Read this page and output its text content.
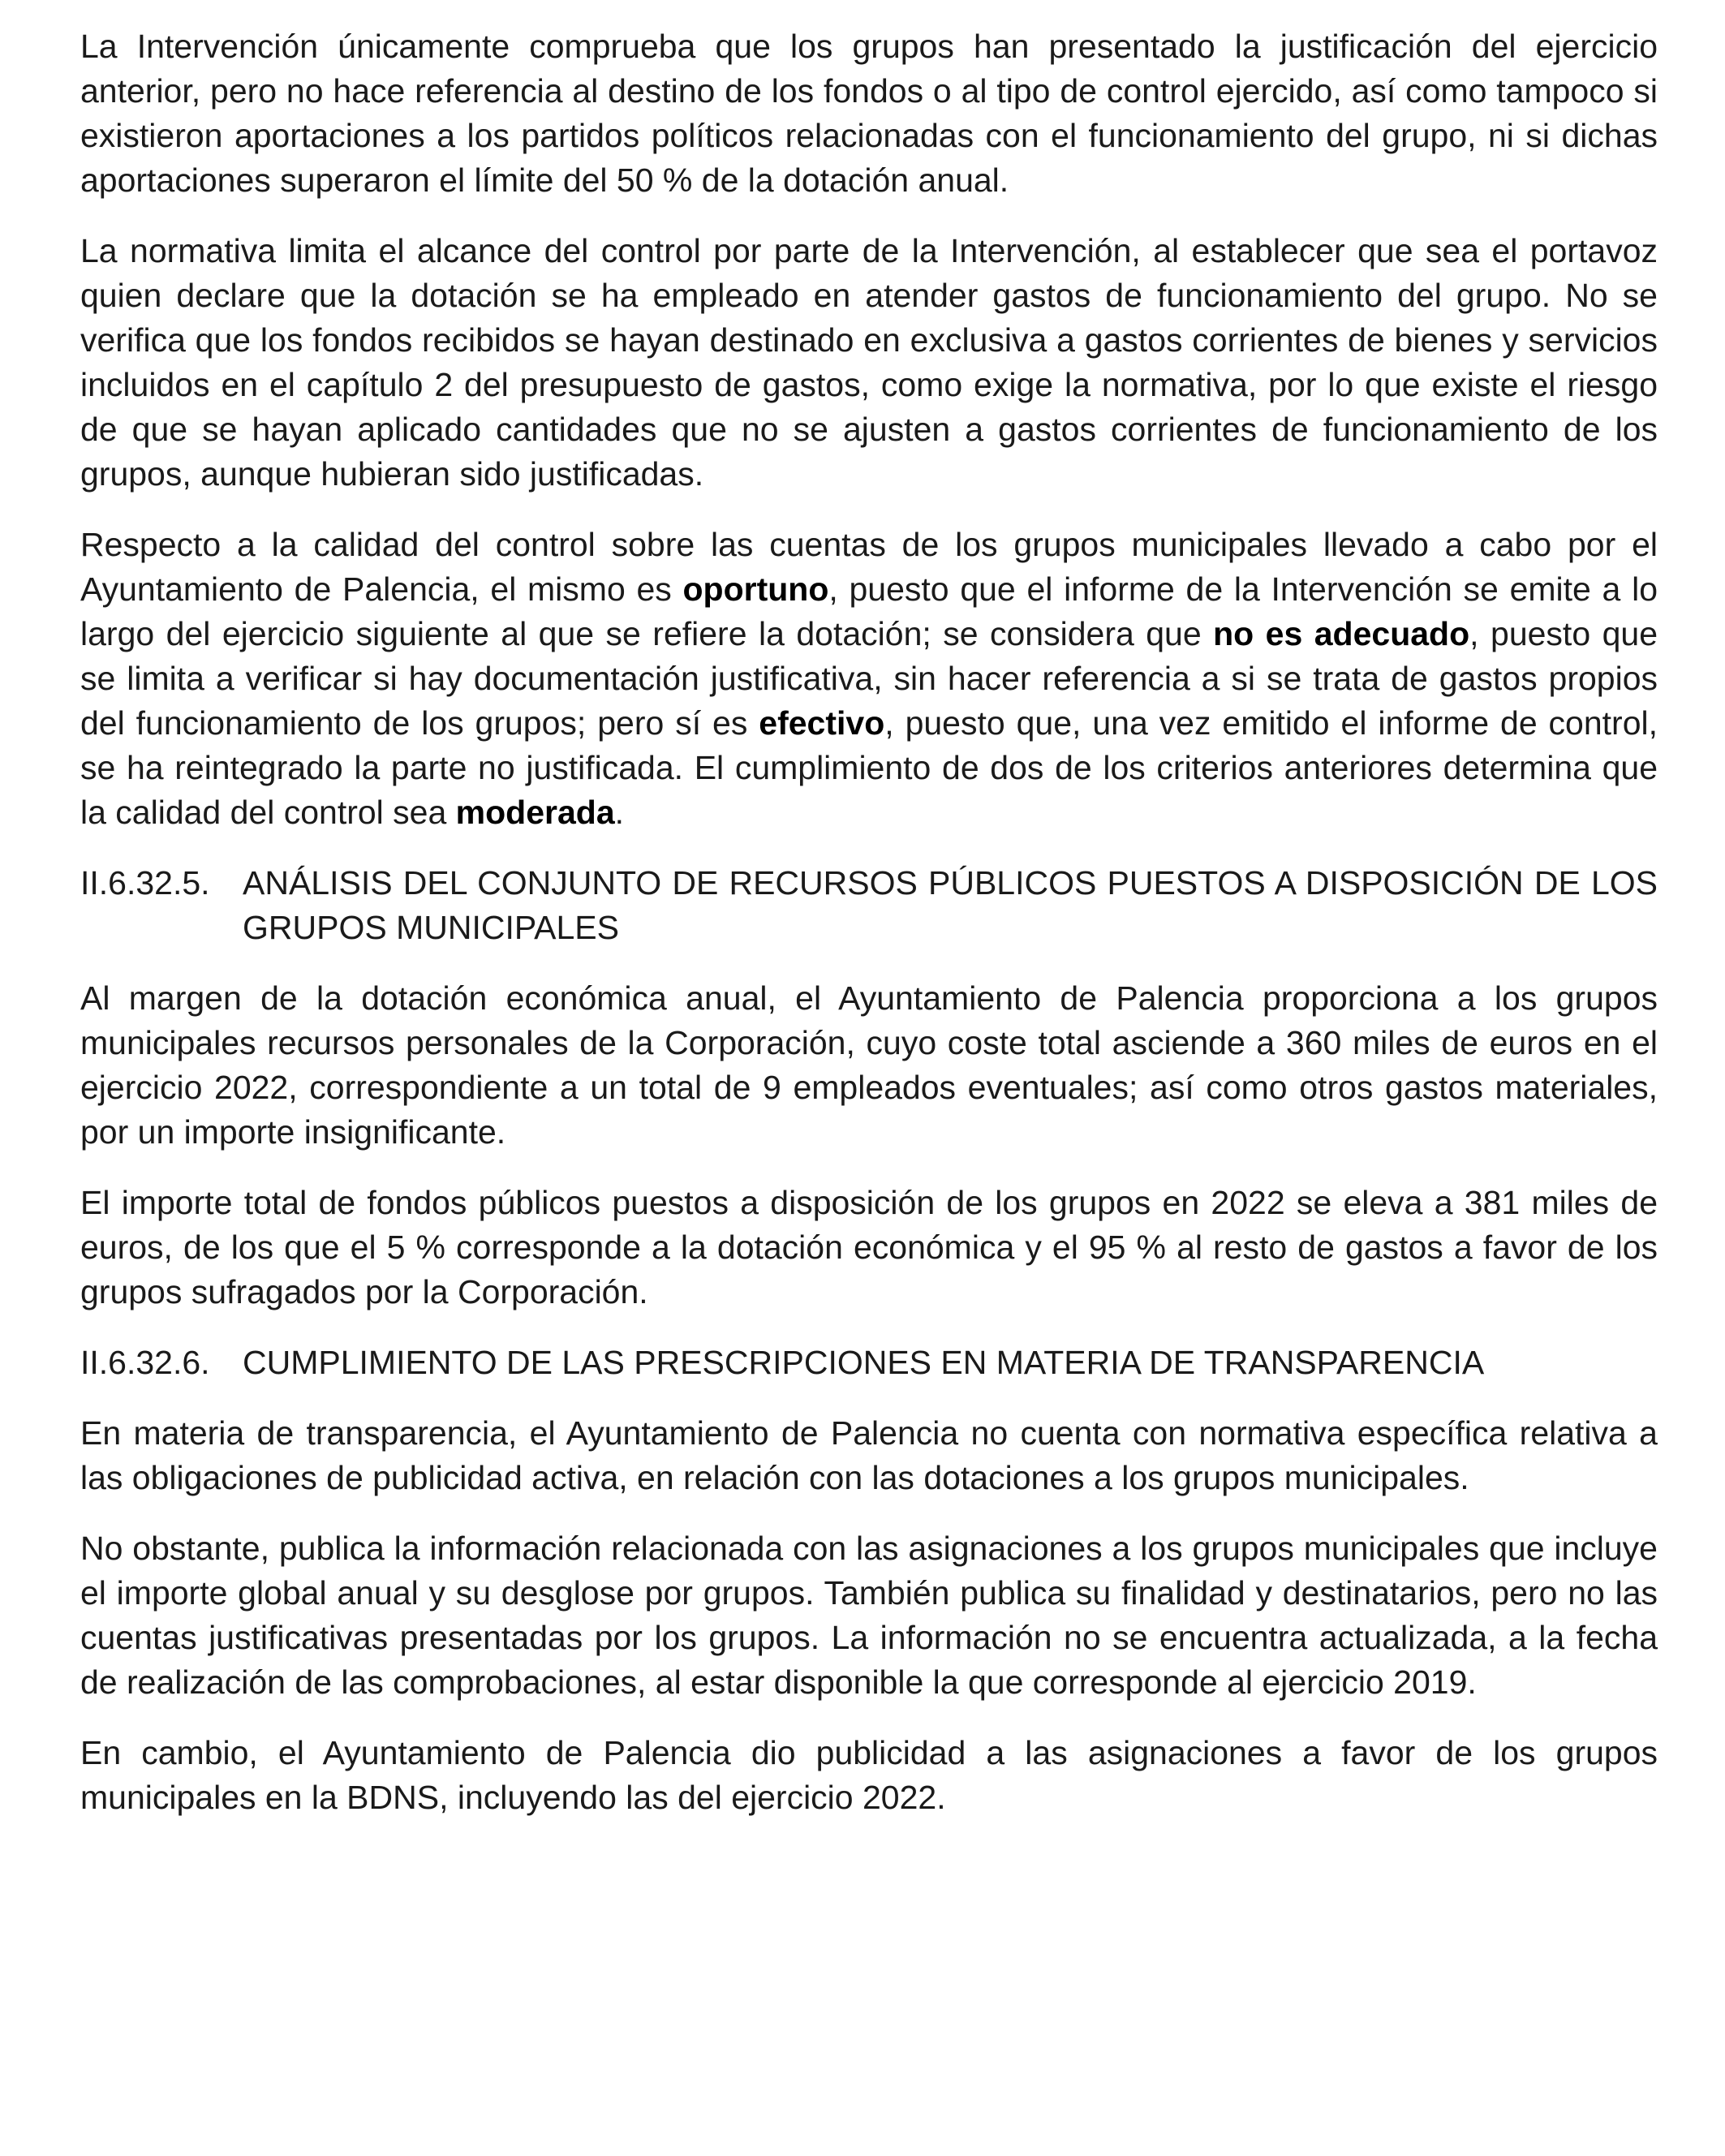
La Intervención únicamente comprueba que los grupos han presentado la justificación del ejercicio anterior, pero no hace referencia al destino de los fondos o al tipo de control ejercido, así como tampoco si existieron aportaciones a los partidos políticos relacionadas con el funcionamiento del grupo, ni si dichas aportaciones superaron el límite del 50 % de la dotación anual.

La normativa limita el alcance del control por parte de la Intervención, al establecer que sea el portavoz quien declare que la dotación se ha empleado en atender gastos de funcionamiento del grupo. No se verifica que los fondos recibidos se hayan destinado en exclusiva a gastos corrientes de bienes y servicios incluidos en el capítulo 2 del presupuesto de gastos, como exige la normativa, por lo que existe el riesgo de que se hayan aplicado cantidades que no se ajusten a gastos corrientes de funcionamiento de los grupos, aunque hubieran sido justificadas.

Respecto a la calidad del control sobre las cuentas de los grupos municipales llevado a cabo por el Ayuntamiento de Palencia, el mismo es oportuno, puesto que el informe de la Intervención se emite a lo largo del ejercicio siguiente al que se refiere la dotación; se considera que no es adecuado, puesto que se limita a verificar si hay documentación justificativa, sin hacer referencia a si se trata de gastos propios del funcionamiento de los grupos; pero sí es efectivo, puesto que, una vez emitido el informe de control, se ha reintegrado la parte no justificada. El cumplimiento de dos de los criterios anteriores determina que la calidad del control sea moderada.

II.6.32.5. ANÁLISIS DEL CONJUNTO DE RECURSOS PÚBLICOS PUESTOS A DISPOSICIÓN DE LOS GRUPOS MUNICIPALES

Al margen de la dotación económica anual, el Ayuntamiento de Palencia proporciona a los grupos municipales recursos personales de la Corporación, cuyo coste total asciende a 360 miles de euros en el ejercicio 2022, correspondiente a un total de 9 empleados eventuales; así como otros gastos materiales, por un importe insignificante.

El importe total de fondos públicos puestos a disposición de los grupos en 2022 se eleva a 381 miles de euros, de los que el 5 % corresponde a la dotación económica y el 95 % al resto de gastos a favor de los grupos sufragados por la Corporación.

II.6.32.6. CUMPLIMIENTO DE LAS PRESCRIPCIONES EN MATERIA DE TRANSPARENCIA

En materia de transparencia, el Ayuntamiento de Palencia no cuenta con normativa específica relativa a las obligaciones de publicidad activa, en relación con las dotaciones a los grupos municipales.

No obstante, publica la información relacionada con las asignaciones a los grupos municipales que incluye el importe global anual y su desglose por grupos. También publica su finalidad y destinatarios, pero no las cuentas justificativas presentadas por los grupos. La información no se encuentra actualizada, a la fecha de realización de las comprobaciones, al estar disponible la que corresponde al ejercicio 2019.

En cambio, el Ayuntamiento de Palencia dio publicidad a las asignaciones a favor de los grupos municipales en la BDNS, incluyendo las del ejercicio 2022.
